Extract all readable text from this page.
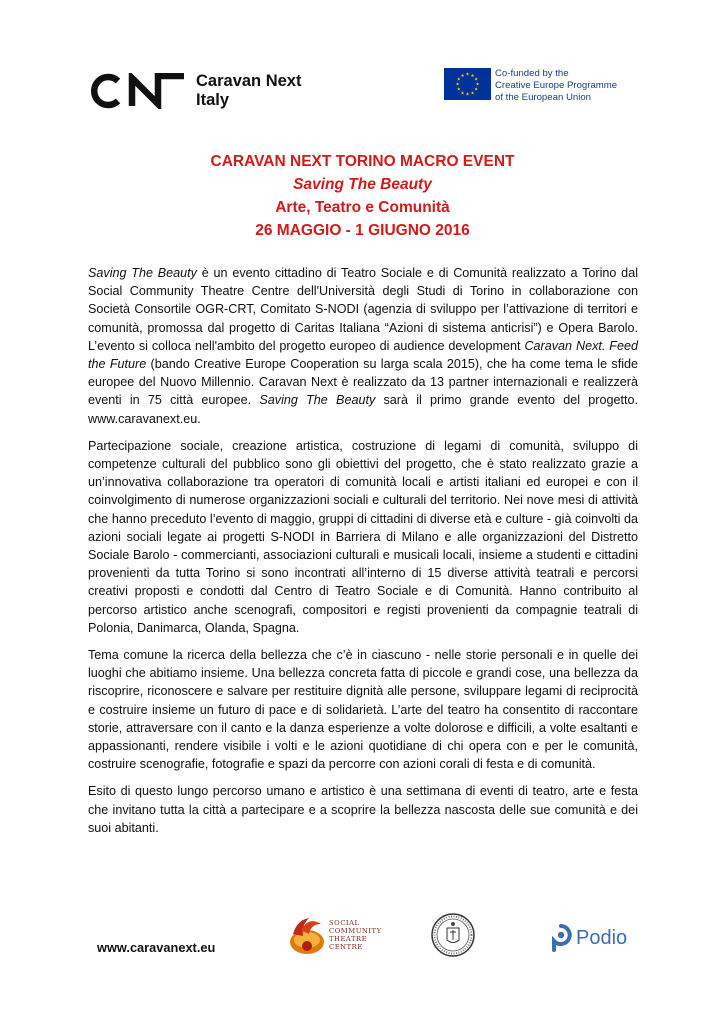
Caravan Next
Italy
★
★
★
★
★
★
★
★
★ ★ ★
★
Co-funded by the
Creative Europe Programme
of the European Union
CARAVAN NEXT TORINO MACRO EVENT
Saving The Beauty
Arte, Teatro e Comunità
26 MAGGIO - 1 GIUGNO 2016

Saving The Beauty è un evento cittadino di Teatro Sociale e di Comunità realizzato a Torino dal Social Community Theatre Centre dell'Università degli Studi di Torino in collaborazione con Società Consortile OGR-CRT, Comitato S-NODI (agenzia di sviluppo per l’attivazione di territori e comunità, promossa dal progetto di Caritas Italiana “Azioni di sistema anticrisi”) e Opera Barolo. L’evento si colloca nell'ambito del progetto europeo di audience development Caravan Next. Feed the Future (bando Creative Europe Cooperation su larga scala 2015), che ha come tema le sfide europee del Nuovo Millennio. Caravan Next è realizzato da 13 partner internazionali e realizzerà eventi in 75 città europee. Saving The Beauty sarà il primo grande evento del progetto. www.caravanext.eu.

Partecipazione sociale, creazione artistica, costruzione di legami di comunità, sviluppo di competenze culturali del pubblico sono gli obiettivi del progetto, che è stato realizzato grazie a un’innovativa collaborazione tra operatori di comunità locali e artisti italiani ed europei e con il coinvolgimento di numerose organizzazioni sociali e culturali del territorio. Nei nove mesi di attività che hanno preceduto l’evento di maggio, gruppi di cittadini di diverse età e culture - già coinvolti da azioni sociali legate ai progetti S-NODI in Barriera di Milano e alle organizzazioni del Distretto Sociale Barolo - commercianti, associazioni culturali e musicali locali, insieme a studenti e cittadini provenienti da tutta Torino si sono incontrati all’interno di 15 diverse attività teatrali e percorsi creativi proposti e condotti dal Centro di Teatro Sociale e di Comunità. Hanno contribuito al percorso artistico anche scenografi, compositori e registi provenienti da compagnie teatrali di Polonia, Danimarca, Olanda, Spagna.

Tema comune la ricerca della bellezza che c’è in ciascuno - nelle storie personali e in quelle dei luoghi che abitiamo insieme. Una bellezza concreta fatta di piccole e grandi cose, una bellezza da riscoprire, riconoscere e salvare per restituire dignità alle persone, sviluppare legami di reciprocità e costruire insieme un futuro di pace e di solidarietà. L’arte del teatro ha consentito di raccontare storie, attraversare con il canto e la danza esperienze a volte dolorose e difficili, a volte esaltanti e appassionanti, rendere visibile i volti e le azioni quotidiane di chi opera con e per le comunità, costruire scenografie, fotografie e spazi da percorre con azioni corali di festa e di comunità.

Esito di questo lungo percorso umano e artistico è una settimana di eventi di teatro, arte e festa che invitano tutta la città a partecipare e a scoprire la bellezza nascosta delle sue comunità e dei suoi abitanti.

www.caravanext.eu
SOCIAL
COMMUNITY
THEATRE
CENTRE	Podio
